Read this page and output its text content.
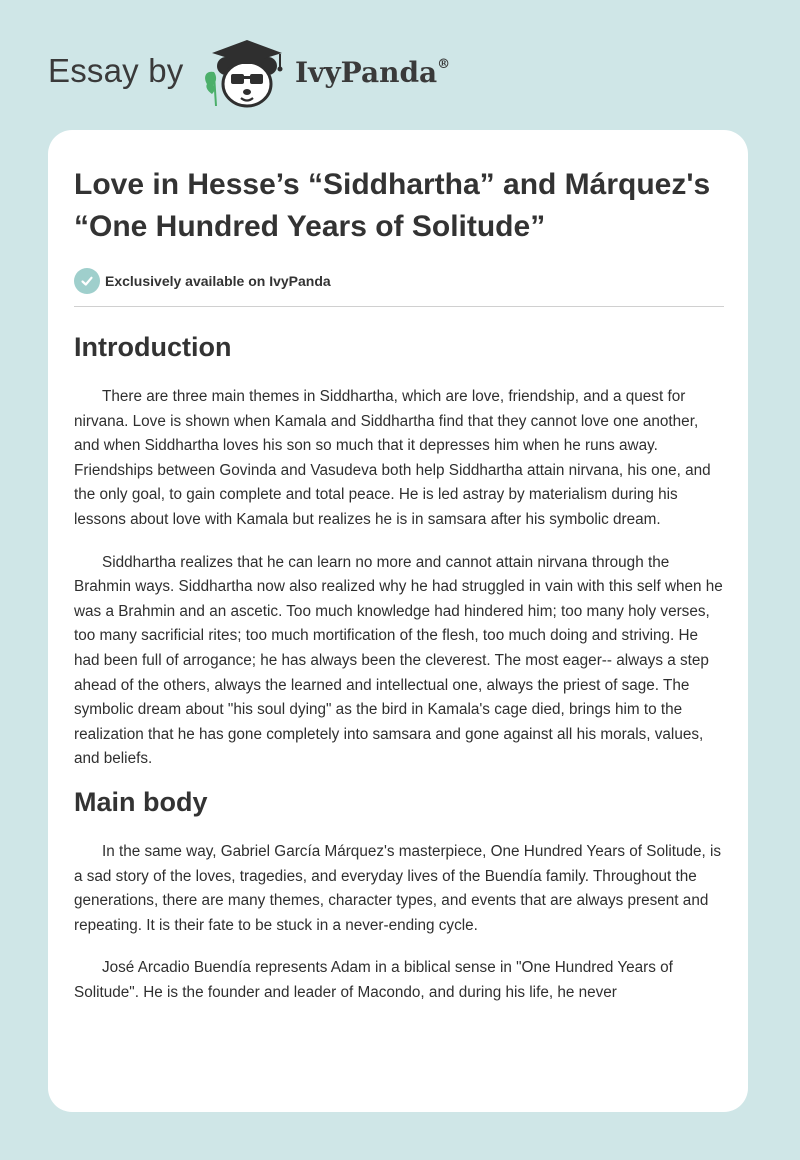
Essay by	IvyPanda®
Love in Hesse’s “Siddhartha” and Márquez's “One Hundred Years of Solitude”
Exclusively available on IvyPanda
Introduction

There are three main themes in Siddhartha, which are love, friendship, and a quest for nirvana. Love is shown when Kamala and Siddhartha find that they cannot love one another, and when Siddhartha loves his son so much that it depresses him when he runs away. Friendships between Govinda and Vasudeva both help Siddhartha attain nirvana, his one, and the only goal, to gain complete and total peace. He is led astray by materialism during his lessons about love with Kamala but realizes he is in samsara after his symbolic dream.

Siddhartha realizes that he can learn no more and cannot attain nirvana through the Brahmin ways. Siddhartha now also realized why he had struggled in vain with this self when he was a Brahmin and an ascetic. Too much knowledge had hindered him; too many holy verses, too many sacrificial rites; too much mortification of the flesh, too much doing and striving. He had been full of arrogance; he has always been the cleverest. The most eager-- always a step ahead of the others, always the learned and intellectual one, always the priest of sage. The symbolic dream about "his soul dying" as the bird in Kamala's cage died, brings him to the realization that he has gone completely into samsara and gone against all his morals, values, and beliefs.

Main body

In the same way, Gabriel García Márquez's masterpiece, One Hundred Years of Solitude, is a sad story of the loves, tragedies, and everyday lives of the Buendía family. Throughout the generations, there are many themes, character types, and events that are always present and repeating. It is their fate to be stuck in a never-ending cycle.

José Arcadio Buendía represents Adam in a biblical sense in "One Hundred Years of Solitude". He is the founder and leader of Macondo, and during his life, he never
